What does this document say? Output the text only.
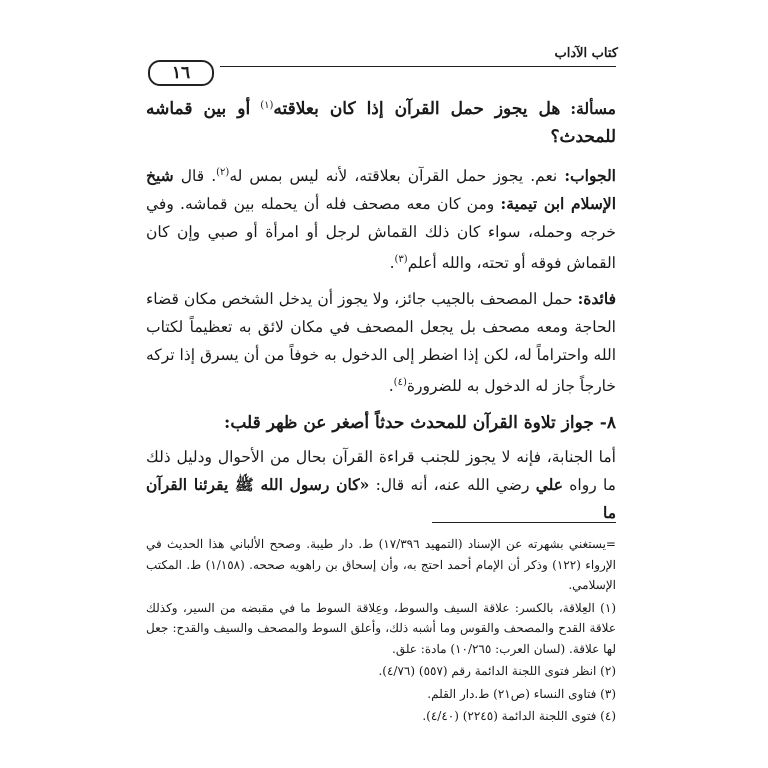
كتاب الآداب
١٦

مسألة: هل يجوز حمل القرآن إذا كان بعلاقته$^{(١)}$ أو بين قماشه للمحدث؟

الجواب: نعم. يجوز حمل القرآن بعلاقته، لأنه ليس بمس له$^{(٢)}$. قال شيخ الإسلام ابن تيمية: ومن كان معه مصحف فله أن يحمله بين قماشه. وفي خرجه وحمله، سواء كان ذلك القماش لرجل أو امرأة أو صبي وإن كان القماش فوقه أو تحته، والله أعلم$^{(٣)}$.

فائدة: حمل المصحف بالجيب جائز، ولا يجوز أن يدخل الشخص مكان قضاء الحاجة ومعه مصحف بل يجعل المصحف في مكان لائق به تعظيماً لكتاب الله واحتراماً له، لكن إذا اضطر إلى الدخول به خوفاً من أن يسرق إذا تركه خارجاً جاز له الدخول به للضرورة$^{(٤)}$.

٨- جواز تلاوة القرآن للمحدث حدثاً أصغر عن ظهر قلب:

أما الجنابة، فإنه لا يجوز للجنب قراءة القرآن بحال من الأحوال ودليل ذلك ما رواه علي رضي الله عنه، أنه قال: «كان رسول الله ﷺ يقرئنا القرآن ما

=يستغني بشهرته عن الإسناد (التمهيد ١٧/٣٩٦) ط. دار طيبة. وصحح الألباني هذا الحديث في الإرواء (١٢٢) وذكر أن الإمام أحمد احتج به، وأن إسحاق بن راهويه صححه. (١/١٥٨) ط. المكتب الإسلامي.

(١) العِلاقة، بالكسر: علاقة السيف والسوط، وعِلاقة السوط ما في مقبضه من السير، وكذلك علاقة القدح والمصحف والقوس وما أشبه ذلك، وأعلق السوط والمصحف والسيف والقدح: جعل لها علاقة. (لسان العرب: ١٠/٢٦٥) مادة: علق.

(٢) انظر فتوى اللجنة الدائمة رقم (٥٥٧) (٤/٧٦).

(٣) فتاوى النساء (ص٢١) ط.دار القلم.

(٤) فتوى اللجنة الدائمة (٢٢٤٥) (٤/٤٠).
